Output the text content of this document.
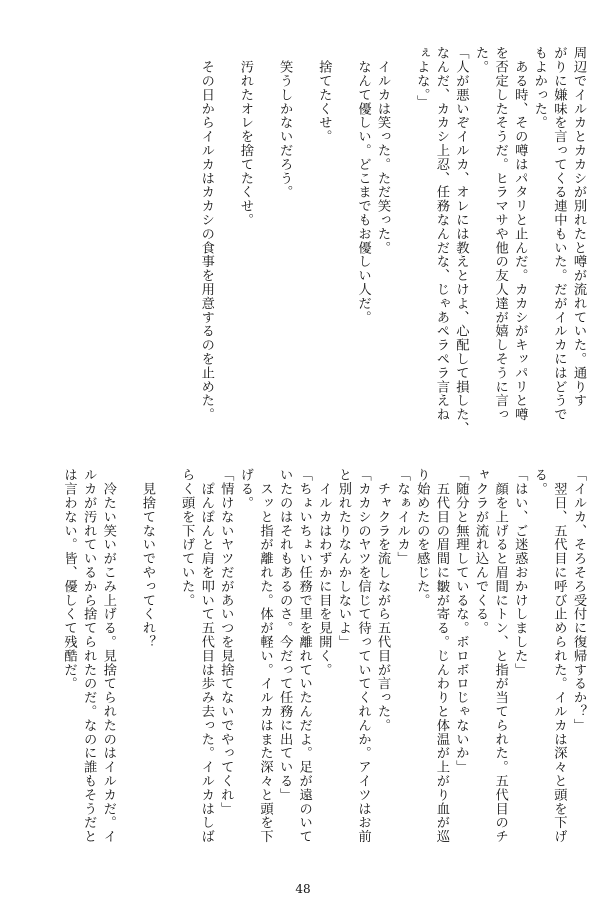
周辺でイルカとカカシが別れたと噂が流れていた。通りす
がりに嫌味を言ってくる連中もいた。だがイルカにはどうで
もよかった。
　ある時、その噂はパタリと止んだ。カカシがキッパリと噂
を否定したそうだ。ヒラマサや他の友人達が嬉しそうに言っ
た。
「人が悪いぞイルカ、オレには教えとけよ、心配して損した、
なんだ、カカシ上忍、任務なんだな、じゃあペラペラ言えね
ぇよな。」

　イルカは笑った。ただ笑った。
　なんて優しい。どこまでもお優しい人だ。

　捨てたくせ。

　笑うしかないだろう。

　汚れたオレを捨てたくせ。

　その日からイルカはカカシの食事を用意するのを止めた。
「イルカ、そろそろ受付に復帰するか？」
　翌日、五代目に呼び止められた。イルカは深々と頭を下げ
る。
「はい、ご迷惑おかけしました」
　顔を上げると眉間にトン、と指が当てられた。五代目のチ
ャクラが流れ込んでくる。
「随分と無理しているな。ボロボロじゃないか」
　五代目の眉間に皺が寄る。じんわりと体温が上がり血が巡
り始めたのを感じた。
「なぁイルカ」
　チャクラを流しながら五代目が言った。
「カカシのヤツを信じて待っていてくれんか。アイツはお前
と別れたりなんかしないよ」
　イルカはわずかに目を見開く。
「ちょいちょい任務で里を離れていたんだよ。足が遠のいて
いたのはそれもあるのさ。今だって任務に出ている」
　スッと指が離れた。体が軽い。イルカはまた深々と頭を下
げる。
「情けないヤツだがあいつを見捨てないでやってくれ」
　ぽんぽんと肩を叩いて五代目は歩み去った。イルカはしば
らく頭を下げていた。

　見捨てないでやってくれ？

　冷たい笑いがこみ上げる。見捨てられたのはイルカだ。イ
ルカが汚れているから捨てられたのだ。なのに誰もそうだと
は言わない。皆、優しくて残酷だ。
48
